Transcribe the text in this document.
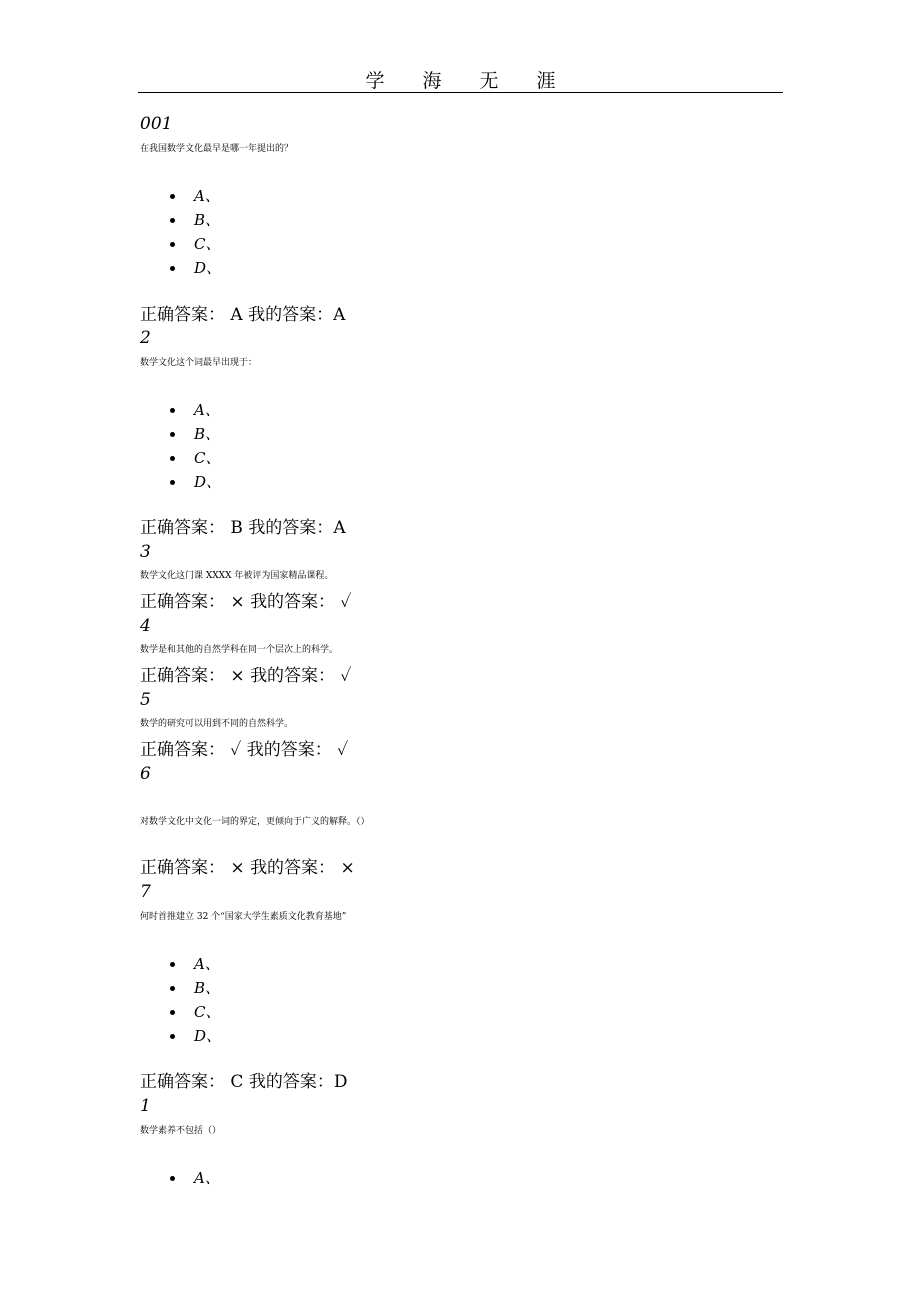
学 海 无 涯
001
在我国数学文化最早是哪一年提出的？
A、
B、
C、
D、
正确答案： A 我的答案：A
2
数学文化这个词最早出现于：
A、
B、
C、
D、
正确答案： B 我的答案：A
3
数学文化这门课 XXXX 年被评为国家精品课程。
正确答案： × 我的答案： ✓
4
数学是和其他的自然学科在同一个层次上的科学。
正确答案： × 我的答案： ✓
5
数学的研究可以用到不同的自然科学。
正确答案： ✓ 我的答案： ✓
6
对数学文化中文化一词的界定，更倾向于广义的解释。（）
正确答案： × 我的答案： ×
7
何时首推建立 32 个“国家大学生素质文化教育基地”
A、
B、
C、
D、
正确答案： C 我的答案：D
1
数学素养不包括（）
A、
